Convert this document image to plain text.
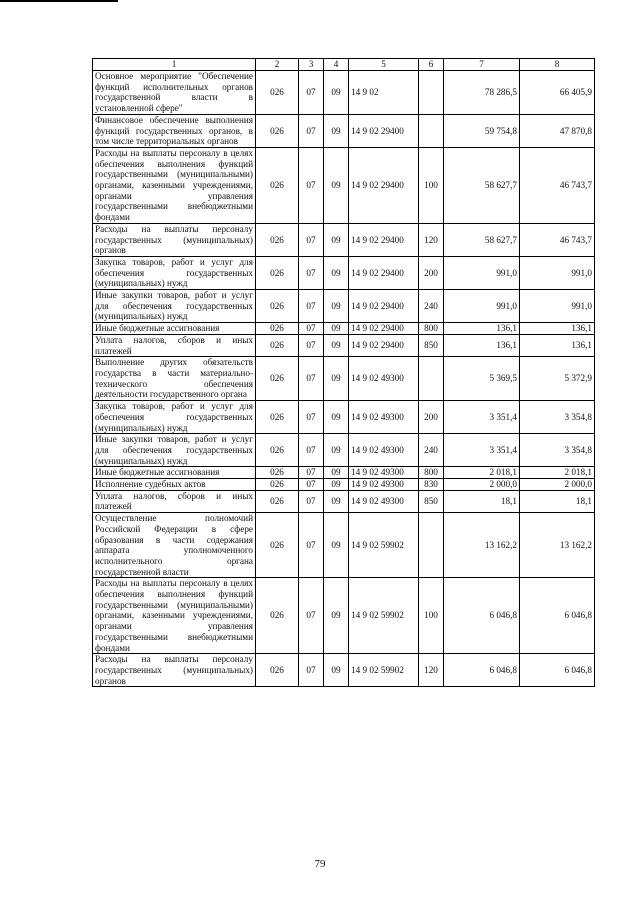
1	2	3	4	5	6	7	8
Основное мероприятие "Обеспечение функций исполнительных органов государственной власти в установленной сфере"	026	07	09	14 9 02		78 286,5	66 405,9
Финансовое обеспечение выполнения функций государственных органов, в том числе территориальных органов	026	07	09	14 9 02 29400		59 754,8	47 870,8
Расходы на выплаты персоналу в целях обеспечения выполнения функций государственными (муниципальными) органами, казенными учреждениями, органами управления государственными внебюджетными фондами	026	07	09	14 9 02 29400	100	58 627,7	46 743,7
Расходы на выплаты персоналу государственных (муниципальных) органов	026	07	09	14 9 02 29400	120	58 627,7	46 743,7
Закупка товаров, работ и услуг для обеспечения государственных (муниципальных) нужд	026	07	09	14 9 02 29400	200	991,0	991,0
Иные закупки товаров, работ и услуг для обеспечения государственных (муниципальных) нужд	026	07	09	14 9 02 29400	240	991,0	991,0
Иные бюджетные ассигнования	026	07	09	14 9 02 29400	800	136,1	136,1
Уплата налогов, сборов и иных платежей	026	07	09	14 9 02 29400	850	136,1	136,1
Выполнение других обязательств государства в части материально-технического обеспечения деятельности государственного органа	026	07	09	14 9 02 49300		5 369,5	5 372,9
Закупка товаров, работ и услуг для обеспечения государственных (муниципальных) нужд	026	07	09	14 9 02 49300	200	3 351,4	3 354,8
Иные закупки товаров, работ и услуг для обеспечения государственных (муниципальных) нужд	026	07	09	14 9 02 49300	240	3 351,4	3 354,8
Иные бюджетные ассигнования	026	07	09	14 9 02 49300	800	2 018,1	2 018,1
Исполнение судебных актов	026	07	09	14 9 02 49300	830	2 000,0	2 000,0
Уплата налогов, сборов и иных платежей	026	07	09	14 9 02 49300	850	18,1	18,1
Осуществление полномочий Российской Федерации в сфере образования в части содержания аппарата уполномоченного исполнительного органа государственной власти	026	07	09	14 9 02 59902		13 162,2	13 162,2
Расходы на выплаты персоналу в целях обеспечения выполнения функций государственными (муниципальными) органами, казенными учреждениями, органами управления государственными внебюджетными фондами	026	07	09	14 9 02 59902	100	6 046,8	6 046,8
Расходы на выплаты персоналу государственных (муниципальных) органов	026	07	09	14 9 02 59902	120	6 046,8	6 046,8
79
